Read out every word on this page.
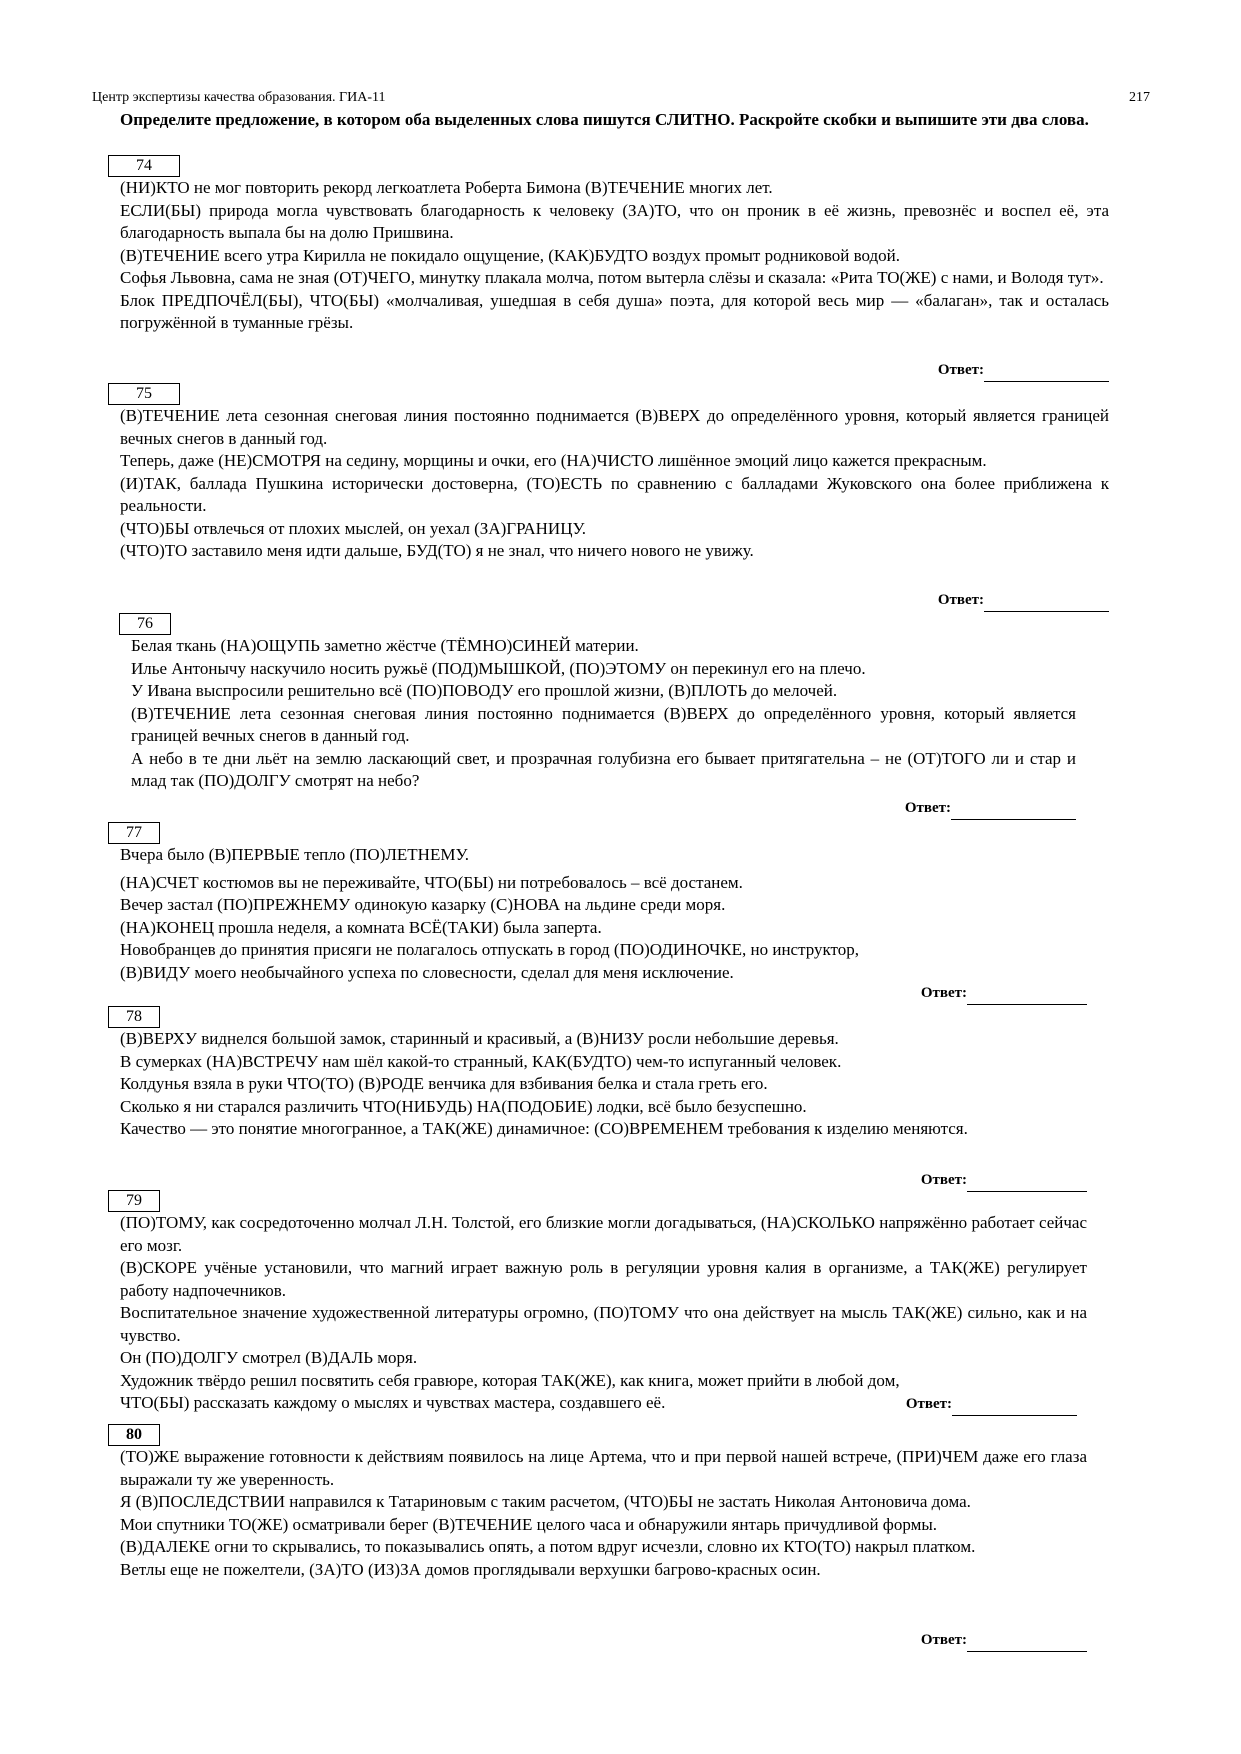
Центр экспертизы качества образования. ГИА-11	217
Определите предложение, в котором оба выделенных слова пишутся СЛИТНО. Раскройте скобки и выпишите эти два слова.
74
(НИ)КТО не мог повторить рекорд легкоатлета Роберта Бимона (В)ТЕЧЕНИЕ многих лет.
ЕСЛИ(БЫ) природа могла чувствовать благодарность к человеку (ЗА)ТО, что он проник в её жизнь, превознёс и воспел её, эта благодарность выпала бы на долю Пришвина.
(В)ТЕЧЕНИЕ всего утра Кирилла не покидало ощущение, (КАК)БУДТО воздух промыт родниковой водой.
Софья Львовна, сама не зная (ОТ)ЧЕГО, минутку плакала молча, потом вытерла слёзы и сказала: «Рита ТО(ЖЕ) с нами, и Володя тут».
Блок ПРЕДПОЧЁЛ(БЫ), ЧТО(БЫ) «молчаливая, ушедшая в себя душа» поэта, для которой весь мир — «балаган», так и осталась погружённой в туманные грёзы.
Ответ:
75
(В)ТЕЧЕНИЕ лета сезонная снеговая линия постоянно поднимается (В)ВЕРХ до определённого уровня, который является границей вечных снегов в данный год.
Теперь, даже (НЕ)СМОТРЯ на седину, морщины и очки, его (НА)ЧИСТО лишённое эмоций лицо кажется прекрасным.
(И)ТАК, баллада Пушкина исторически достоверна, (ТО)ЕСТЬ по сравнению с балладами Жуковского она более приближена к реальности.
(ЧТО)БЫ отвлечься от плохих мыслей, он уехал (ЗА)ГРАНИЦУ.
(ЧТО)ТО заставило меня идти дальше, БУД(ТО) я не знал, что ничего нового не увижу.
Ответ:
76
Белая ткань (НА)ОЩУПЬ заметно жёстче (ТЁМНО)СИНЕЙ материи.
Илье Антонычу наскучило носить ружьё (ПОД)МЫШКОЙ, (ПО)ЭТОМУ он перекинул его на плечо.
У Ивана выспросили решительно всё (ПО)ПОВОДУ его прошлой жизни, (В)ПЛОТЬ до мелочей.
(В)ТЕЧЕНИЕ лета сезонная снеговая линия постоянно поднимается (В)ВЕРХ до определённого уровня, который является границей вечных снегов в данный год.
А небо в те дни льёт на землю ласкающий свет, и прозрачная голубизна его бывает притягательна – не (ОТ)ТОГО ли и стар и млад так (ПО)ДОЛГУ смотрят на небо?
Ответ:
77
Вчера было (В)ПЕРВЫЕ тепло (ПО)ЛЕТНЕМУ.
(НА)СЧЕТ костюмов вы не переживайте, ЧТО(БЫ) ни потребовалось – всё достанем.
Вечер застал (ПО)ПРЕЖНЕМУ одинокую казарку (С)НОВА на льдине среди моря.
(НА)КОНЕЦ прошла неделя, а комната ВСЁ(ТАКИ) была заперта.
Новобранцев до принятия присяги не полагалось отпускать в город (ПО)ОДИНОЧКЕ, но инструктор,
(В)ВИДУ моего необычайного успеха по словесности, сделал для меня исключение.
Ответ:
78
(В)ВЕРХУ виднелся большой замок, старинный и красивый, а (В)НИЗУ росли небольшие деревья.
В сумерках (НА)ВСТРЕЧУ нам шёл какой-то странный, КАК(БУДТО) чем-то испуганный человек.
Колдунья взяла в руки ЧТО(ТО) (В)РОДЕ венчика для взбивания белка и стала греть его.
Сколько я ни старался различить ЧТО(НИБУДЬ) НА(ПОДОБИЕ) лодки, всё было безуспешно.
Качество — это понятие многогранное, а ТАК(ЖЕ) динамичное: (СО)ВРЕМЕНЕМ требования к изделию меняются.
Ответ:
79
(ПО)ТОМУ, как сосредоточенно молчал Л.Н. Толстой, его близкие могли догадываться, (НА)СКОЛЬКО напряжённо работает сейчас его мозг.
(В)СКОРЕ учёные установили, что магний играет важную роль в регуляции уровня калия в организме, а ТАК(ЖЕ) регулирует работу надпочечников.
Воспитательное значение художественной литературы огромно, (ПО)ТОМУ что она действует на мысль ТАК(ЖЕ) сильно, как и на чувство.
Он (ПО)ДОЛГУ смотрел (В)ДАЛЬ моря.
Художник твёрдо решил посвятить себя гравюре, которая ТАК(ЖЕ), как книга, может прийти в любой дом,
ЧТО(БЫ) рассказать каждому о мыслях и чувствах мастера, создавшего её.	Ответ:
80
(ТО)ЖЕ выражение готовности к действиям появилось на лице Артема, что и при первой нашей встрече, (ПРИ)ЧЕМ даже его глаза выражали ту же уверенность.
Я (В)ПОСЛЕДСТВИИ направился к Татариновым с таким расчетом, (ЧТО)БЫ не застать Николая Антоновича дома.
Мои спутники ТО(ЖЕ) осматривали берег (В)ТЕЧЕНИЕ целого часа и обнаружили янтарь причудливой формы.
(В)ДАЛЕКЕ огни то скрывались, то показывались опять, а потом вдруг исчезли, словно их КТО(ТО) накрыл платком.
Ветлы еще не пожелтели, (ЗА)ТО (ИЗ)ЗА домов проглядывали верхушки багрово-красных осин.
Ответ:
